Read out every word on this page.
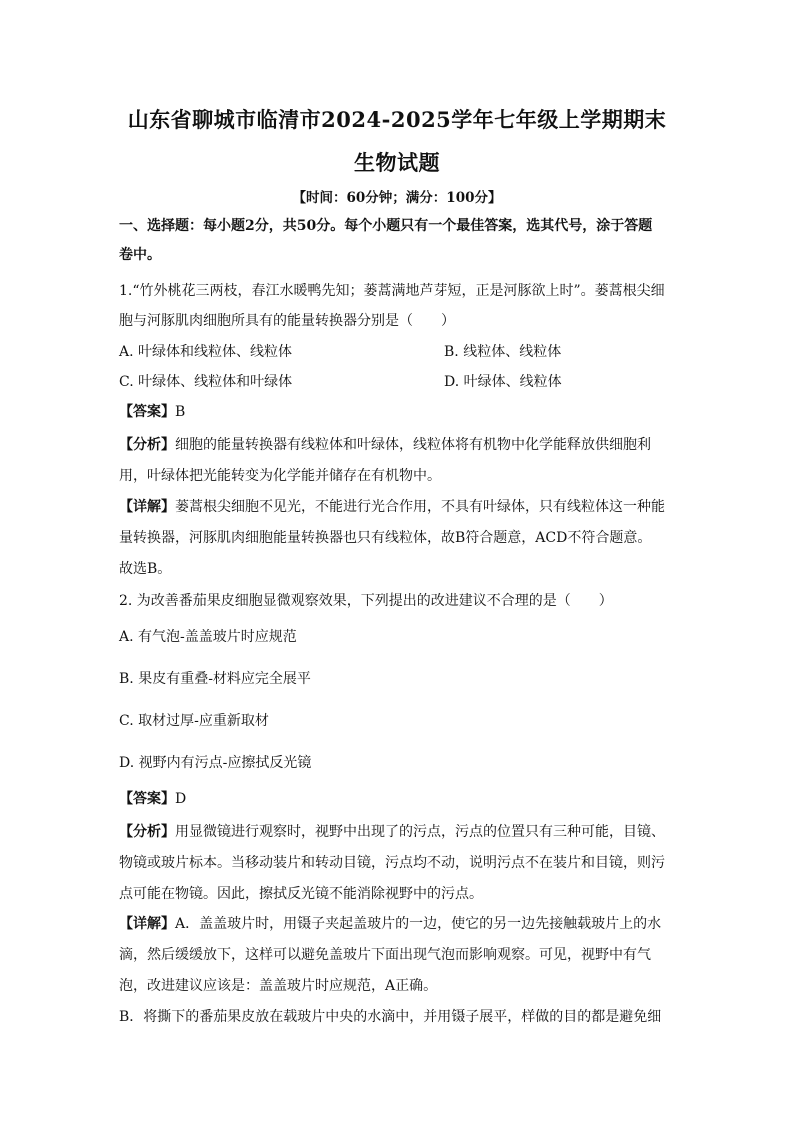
山东省聊城市临清市2024-2025学年七年级上学期期末
生物试题
【时间：60分钟；满分：100分】
一、选择题：每小题2分，共50分。每个小题只有一个最佳答案，选其代号，涂于答题
卷中。
1.“竹外桃花三两枝，春江水暖鸭先知；蒌蒿满地芦芽短，正是河豚欲上时”。蒌蒿根尖细
胞与河豚肌肉细胞所具有的能量转换器分别是（　　）
A. 叶绿体和线粒体、线粒体	B. 线粒体、线粒体
C. 叶绿体、线粒体和叶绿体	D. 叶绿体、线粒体
【答案】B
【分析】细胞的能量转换器有线粒体和叶绿体，线粒体将有机物中化学能释放供细胞利
用，叶绿体把光能转变为化学能并储存在有机物中。
【详解】蒌蒿根尖细胞不见光，不能进行光合作用，不具有叶绿体，只有线粒体这一种能
量转换器，河豚肌肉细胞能量转换器也只有线粒体，故B符合题意，ACD不符合题意。
故选B。
2. 为改善番茄果皮细胞显微观察效果，下列提出的改进建议不合理的是（　　）
A. 有气泡-盖盖玻片时应规范
B. 果皮有重叠-材料应完全展平
C. 取材过厚-应重新取材
D. 视野内有污点-应擦拭反光镜
【答案】D
【分析】用显微镜进行观察时，视野中出现了的污点，污点的位置只有三种可能，目镜、
物镜或玻片标本。当移动装片和转动目镜，污点均不动，说明污点不在装片和目镜，则污
点可能在物镜。因此，擦拭反光镜不能消除视野中的污点。
【详解】A．盖盖玻片时，用镊子夹起盖玻片的一边，使它的另一边先接触载玻片上的水
滴，然后缓缓放下，这样可以避免盖玻片下面出现气泡而影响观察。可见，视野中有气
泡，改进建议应该是：盖盖玻片时应规范，A正确。
B．将撕下的番茄果皮放在载玻片中央的水滴中，并用镊子展平，样做的目的都是避免细
